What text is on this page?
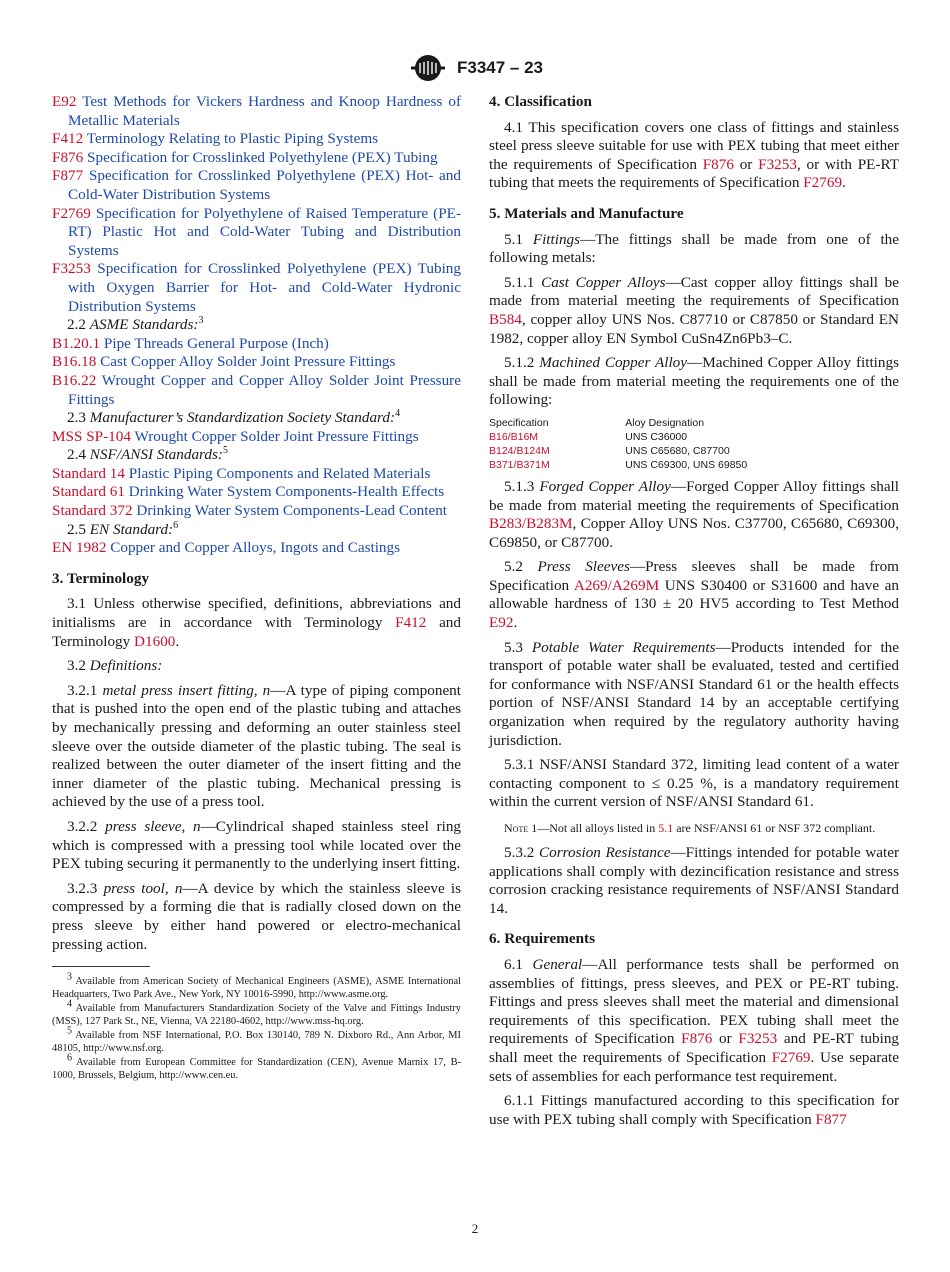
F3347 – 23

E92 Test Methods for Vickers Hardness and Knoop Hardness of Metallic Materials

F412 Terminology Relating to Plastic Piping Systems

F876 Specification for Crosslinked Polyethylene (PEX) Tubing

F877 Specification for Crosslinked Polyethylene (PEX) Hot- and Cold-Water Distribution Systems

F2769 Specification for Polyethylene of Raised Temperature (PE-RT) Plastic Hot and Cold-Water Tubing and Distribution Systems

F3253 Specification for Crosslinked Polyethylene (PEX) Tubing with Oxygen Barrier for Hot- and Cold-Water Hydronic Distribution Systems

2.2 ASME Standards:$^3$

B1.20.1 Pipe Threads General Purpose (Inch)

B16.18 Cast Copper Alloy Solder Joint Pressure Fittings

B16.22 Wrought Copper and Copper Alloy Solder Joint Pressure Fittings

2.3 Manufacturer’s Standardization Society Standard:$^4$

MSS SP-104 Wrought Copper Solder Joint Pressure Fittings

2.4 NSF/ANSI Standards:$^5$

Standard 14 Plastic Piping Components and Related Materials

Standard 61 Drinking Water System Components-Health Effects

Standard 372 Drinking Water System Components-Lead Content

2.5 EN Standard:$^6$

EN 1982 Copper and Copper Alloys, Ingots and Castings

3. Terminology

3.1 Unless otherwise specified, definitions, abbreviations and initialisms are in accordance with Terminology F412 and Terminology D1600.

3.2 Definitions:

3.2.1 metal press insert fitting, n—A type of piping component that is pushed into the open end of the plastic tubing and attaches by mechanically pressing and deforming an outer stainless steel sleeve over the outside diameter of the plastic tubing. The seal is realized between the outer diameter of the insert fitting and the inner diameter of the plastic tubing. Mechanical pressing is achieved by the use of a press tool.

3.2.2 press sleeve, n—Cylindrical shaped stainless steel ring which is compressed with a pressing tool while located over the PEX tubing securing it permanently to the underlying insert fitting.

3.2.3 press tool, n—A device by which the stainless sleeve is compressed by a forming die that is radially closed down on the press sleeve by either hand powered or electro-mechanical pressing action.

$^3$ Available from American Society of Mechanical Engineers (ASME), ASME International Headquarters, Two Park Ave., New York, NY 10016-5990, http://www.asme.org.

$^4$ Available from Manufacturers Standardization Society of the Valve and Fittings Industry (MSS), 127 Park St., NE, Vienna, VA 22180-4602, http://www.mss-hq.org.

$^5$ Available from NSF International, P.O. Box 130140, 789 N. Dixboro Rd., Ann Arbor, MI 48105, http://www.nsf.org.

$^6$ Available from European Committee for Standardization (CEN), Avenue Marnix 17, B-1000, Brussels, Belgium, http://www.cen.eu.

4. Classification

4.1 This specification covers one class of fittings and stainless steel press sleeve suitable for use with PEX tubing that meet either the requirements of Specification F876 or F3253, or with PE-RT tubing that meets the requirements of Specification F2769.

5. Materials and Manufacture

5.1 Fittings—The fittings shall be made from one of the following metals:

5.1.1 Cast Copper Alloys—Cast copper alloy fittings shall be made from material meeting the requirements of Specification B584, copper alloy UNS Nos. C87710 or C87850 or Standard EN 1982, copper alloy EN Symbol CuSn4Zn6Pb3–C.

5.1.2 Machined Copper Alloy—Machined Copper Alloy fittings shall be made from material meeting the requirements one of the following:

Specification	Aloy Designation
B16/B16M	UNS C36000
B124/B124M	UNS C65680, C87700
B371/B371M	UNS C69300, UNS 69850

5.1.3 Forged Copper Alloy—Forged Copper Alloy fittings shall be made from material meeting the requirements of Specification B283/B283M, Copper Alloy UNS Nos. C37700, C65680, C69300, C69850, or C87700.

5.2 Press Sleeves—Press sleeves shall be made from Specification A269/A269M UNS S30400 or S31600 and have an allowable hardness of 130 ± 20 HV5 according to Test Method E92.

5.3 Potable Water Requirements—Products intended for the transport of potable water shall be evaluated, tested and certified for conformance with NSF/ANSI Standard 61 or the health effects portion of NSF/ANSI Standard 14 by an acceptable certifying organization when required by the regulatory authority having jurisdiction.

5.3.1 NSF/ANSI Standard 372, limiting lead content of a water contacting component to ≤ 0.25 %, is a mandatory requirement within the current version of NSF/ANSI Standard 61.

Note 1—Not all alloys listed in 5.1 are NSF/ANSI 61 or NSF 372 compliant.

5.3.2 Corrosion Resistance—Fittings intended for potable water applications shall comply with dezincification resistance and stress corrosion cracking resistance requirements of NSF/ANSI Standard 14.

6. Requirements

6.1 General—All performance tests shall be performed on assemblies of fittings, press sleeves, and PEX or PE-RT tubing. Fittings and press sleeves shall meet the material and dimensional requirements of this specification. PEX tubing shall meet the requirements of Specification F876 or F3253 and PE-RT tubing shall meet the requirements of Specification F2769. Use separate sets of assemblies for each performance test requirement.

6.1.1 Fittings manufactured according to this specification for use with PEX tubing shall comply with Specification F877

2
